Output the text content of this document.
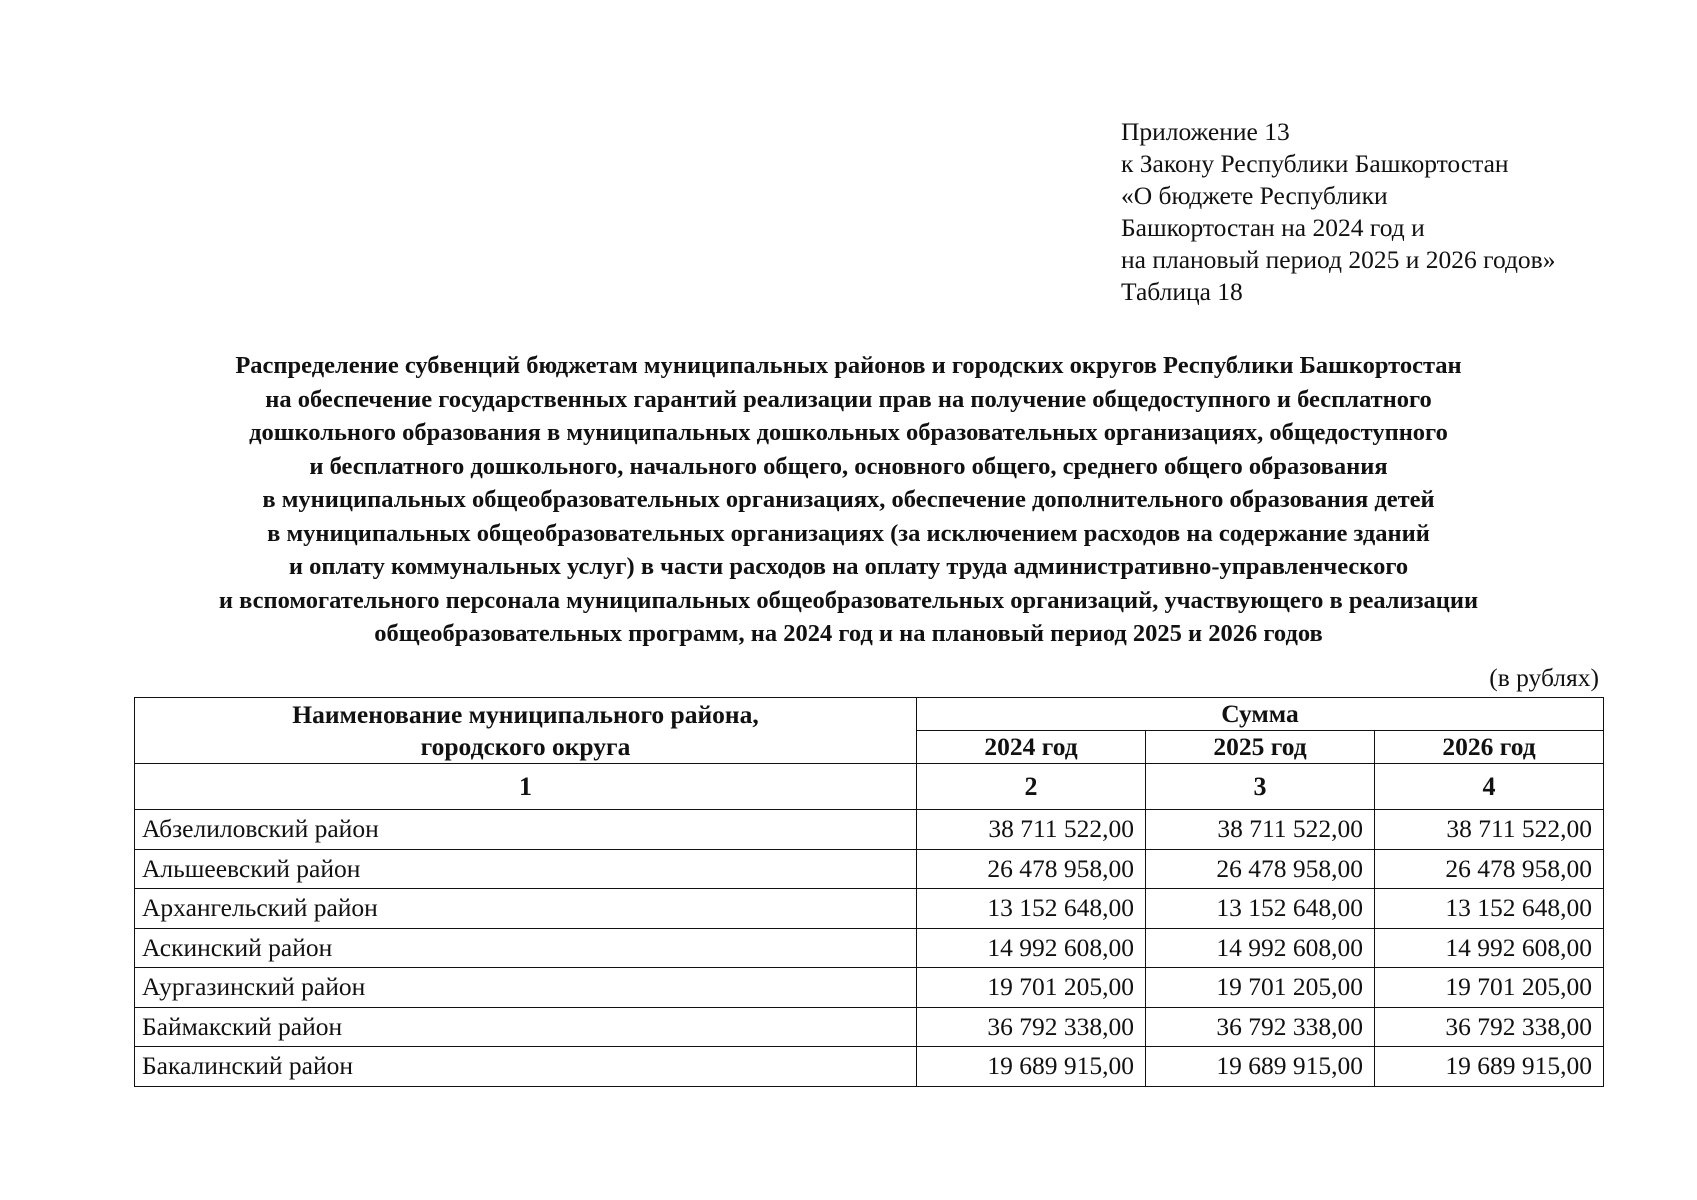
Приложение 13
к Закону Республики Башкортостан
«О бюджете Республики
Башкортостан на 2024 год и
на плановый период 2025 и 2026 годов»
Таблица 18
Распределение субвенций бюджетам муниципальных районов и городских округов Республики Башкортостан
на обеспечение государственных гарантий реализации прав на получение общедоступного и бесплатного
дошкольного образования в муниципальных дошкольных образовательных организациях, общедоступного
и бесплатного дошкольного, начального общего, основного общего, среднего общего образования
в муниципальных общеобразовательных организациях, обеспечение дополнительного образования детей
в муниципальных общеобразовательных организациях (за исключением расходов на содержание зданий
и оплату коммунальных услуг) в части расходов на оплату труда административно-управленческого
и вспомогательного персонала муниципальных общеобразовательных организаций, участвующего в реализации
общеобразовательных программ, на 2024 год и на плановый период 2025 и 2026 годов
(в рублях)
Наименование муниципального района,
городского округа	Сумма		
	2024 год	2025 год	2026 год
1	2	3	4
Абзелиловский район	38 711 522,00	38 711 522,00	38 711 522,00
Альшеевский район	26 478 958,00	26 478 958,00	26 478 958,00
Архангельский район	13 152 648,00	13 152 648,00	13 152 648,00
Аскинский район	14 992 608,00	14 992 608,00	14 992 608,00
Аургазинский район	19 701 205,00	19 701 205,00	19 701 205,00
Баймакский район	36 792 338,00	36 792 338,00	36 792 338,00
Бакалинский район	19 689 915,00	19 689 915,00	19 689 915,00
